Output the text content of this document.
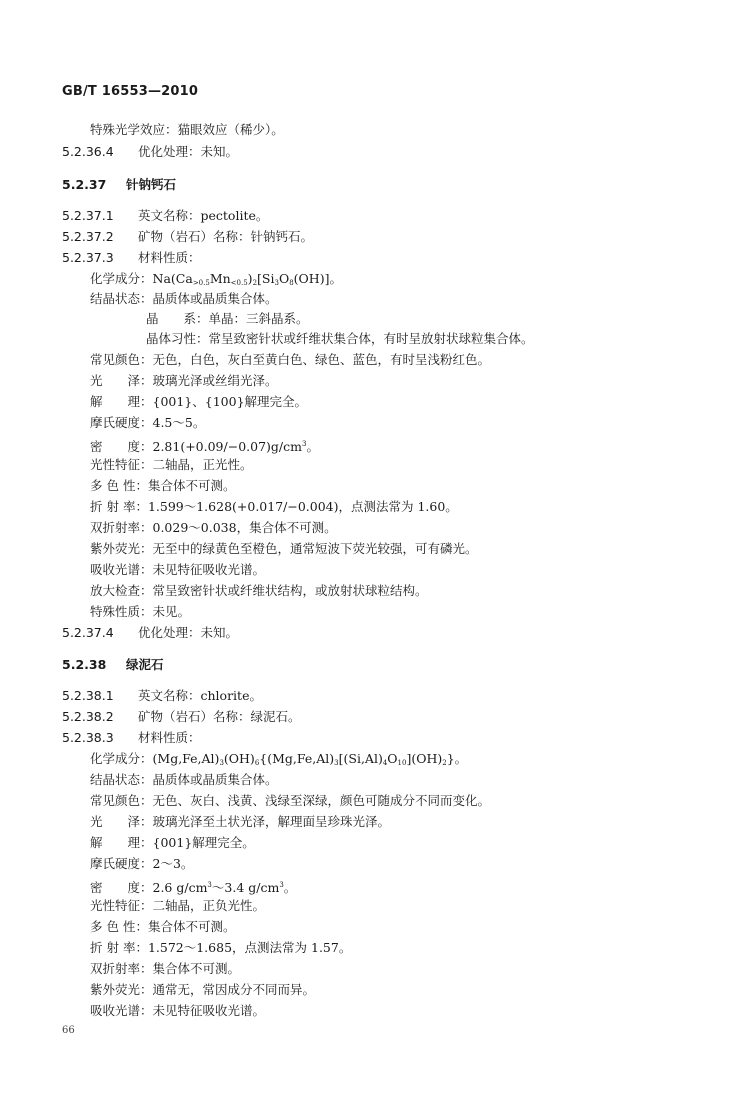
GB/T 16553—2010
特殊光学效应：猫眼效应（稀少）。
5.2.36.4 优化处理：未知。
5.2.37 针钠钙石
5.2.37.1 英文名称：pectolite。
5.2.37.2 矿物（岩石）名称：针钠钙石。
5.2.37.3 材料性质：
化学成分：$Na(Ca_{>0.5}Mn_{<0.5})_2[Si_3O_8(OH)]$。
结晶状态：晶质体或晶质集合体。
晶　　系：单晶：三斜晶系。
晶体习性：常呈致密针状或纤维状集合体，有时呈放射状球粒集合体。
常见颜色：无色，白色，灰白至黄白色、绿色、蓝色，有时呈浅粉红色。
光　　泽：玻璃光泽或丝绢光泽。
解　　理：{001}、{100}解理完全。
摩氏硬度：4.5～5。
密　　度：$2.81(+0.09/-0.07)g/cm^3$。
光性特征：二轴晶，正光性。
多 色 性：集合体不可测。
折 射 率：1.599～1.628(+0.017/−0.004)，点测法常为 1.60。
双折射率：0.029～0.038，集合体不可测。
紫外荧光：无至中的绿黄色至橙色，通常短波下荧光较强，可有磷光。
吸收光谱：未见特征吸收光谱。
放大检查：常呈致密针状或纤维状结构，或放射状球粒结构。
特殊性质：未见。
5.2.37.4 优化处理：未知。
5.2.38 绿泥石
5.2.38.1 英文名称：chlorite。
5.2.38.2 矿物（岩石）名称：绿泥石。
5.2.38.3 材料性质：
化学成分：$(Mg,Fe,Al)_3(OH)_6\{(Mg,Fe,Al)_3[(Si,Al)_4O_{10}](OH)_2\}$。
结晶状态：晶质体或晶质集合体。
常见颜色：无色、灰白、浅黄、浅绿至深绿，颜色可随成分不同而变化。
光　　泽：玻璃光泽至土状光泽，解理面呈珍珠光泽。
解　　理：{001}解理完全。
摩氏硬度：2～3。
密　　度：2.6 $g/cm^3\sim 3.4$ $g/cm^3$。
光性特征：二轴晶，正负光性。
多 色 性：集合体不可测。
折 射 率：1.572～1.685，点测法常为 1.57。
双折射率：集合体不可测。
紫外荧光：通常无，常因成分不同而异。
吸收光谱：未见特征吸收光谱。
66
